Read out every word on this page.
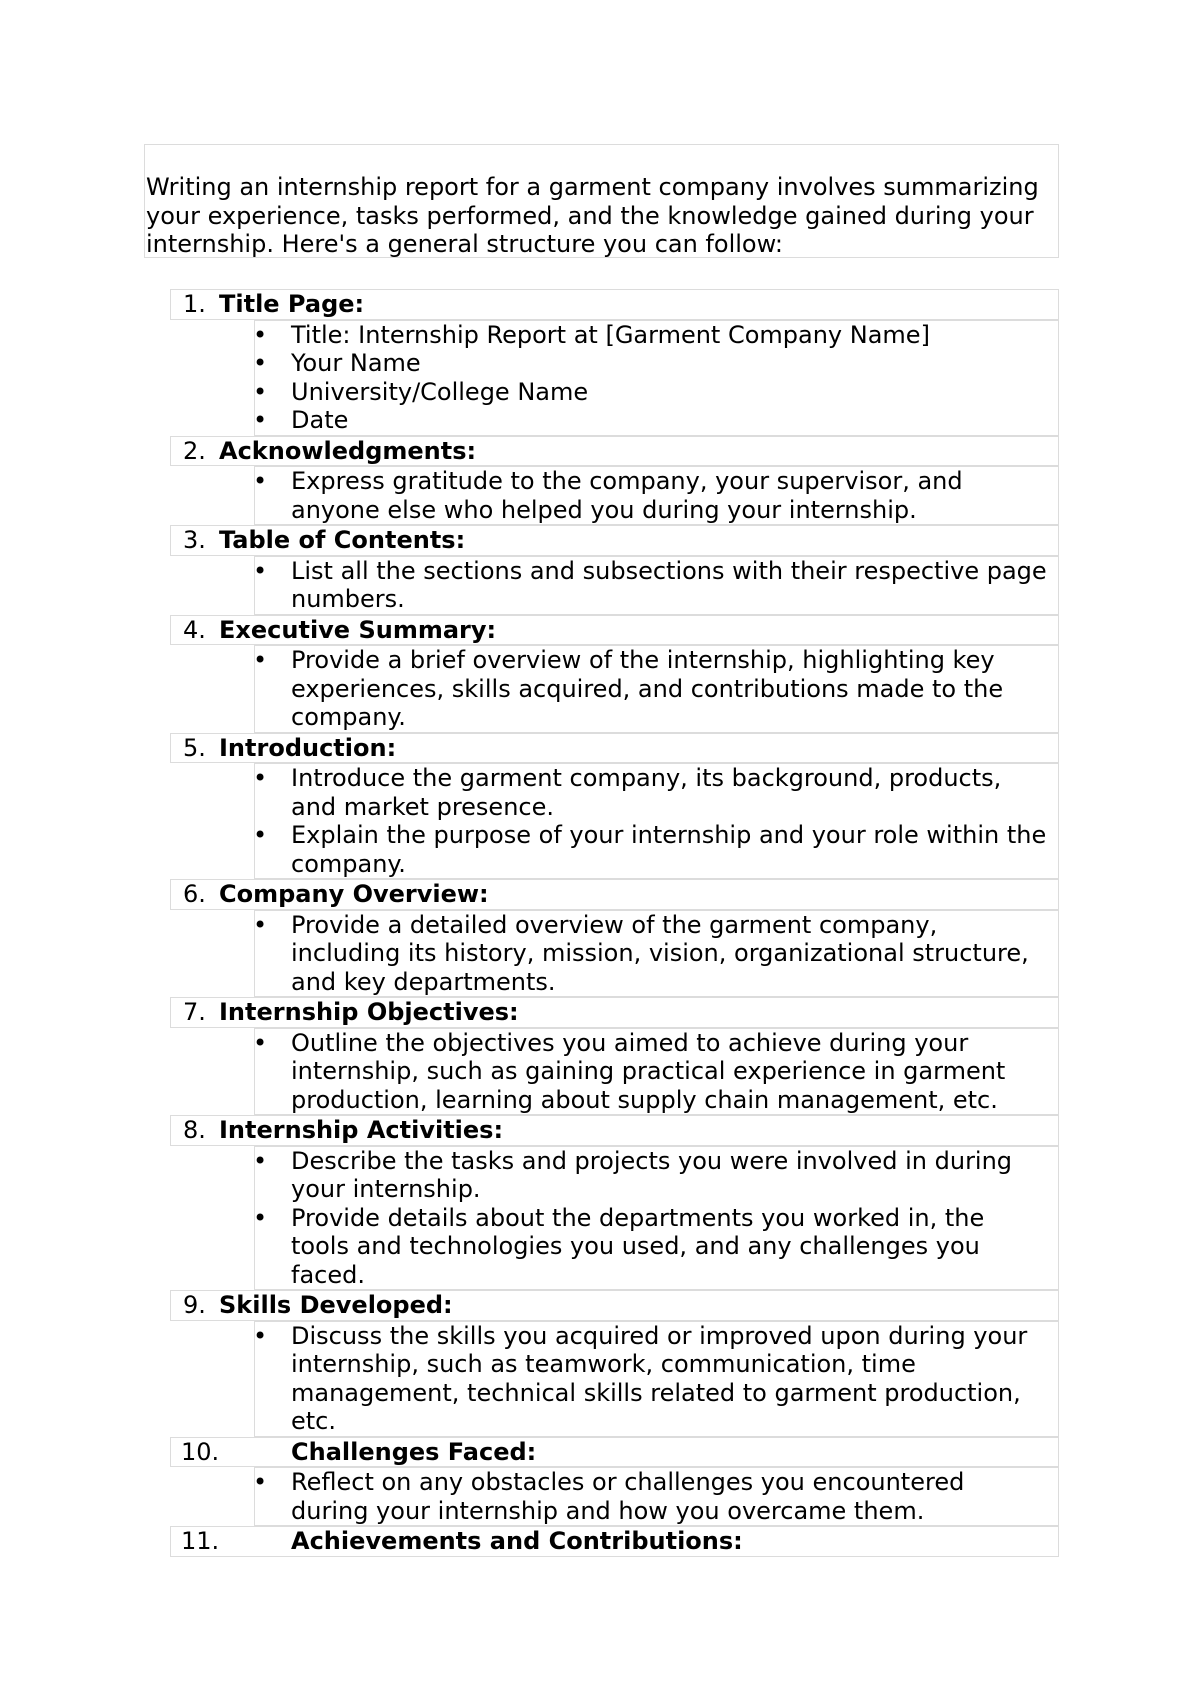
Writing an internship report for a garment company involves summarizing

your experience, tasks performed, and the knowledge gained during your

internship. Here's a general structure you can follow:

1. Title Page:
• Title: Internship Report at [Garment Company Name]
• Your Name
• University/College Name
• Date
2. Acknowledgments:
• Express gratitude to the company, your supervisor, and
anyone else who helped you during your internship.
3. Table of Contents:
• List all the sections and subsections with their respective page
numbers.
4. Executive Summary:
• Provide a brief overview of the internship, highlighting key
experiences, skills acquired, and contributions made to the
company.
5. Introduction:
• Introduce the garment company, its background, products,
and market presence.
• Explain the purpose of your internship and your role within the
company.
6. Company Overview:
• Provide a detailed overview of the garment company,
including its history, mission, vision, organizational structure,
and key departments.
7. Internship Objectives:
• Outline the objectives you aimed to achieve during your
internship, such as gaining practical experience in garment
production, learning about supply chain management, etc.
8. Internship Activities:
• Describe the tasks and projects you were involved in during
your internship.
• Provide details about the departments you worked in, the
tools and technologies you used, and any challenges you
faced.
9. Skills Developed:
• Discuss the skills you acquired or improved upon during your
internship, such as teamwork, communication, time
management, technical skills related to garment production,
etc.
10.	Challenges Faced:
• Reflect on any obstacles or challenges you encountered
during your internship and how you overcame them.
11.	Achievements and Contributions:
